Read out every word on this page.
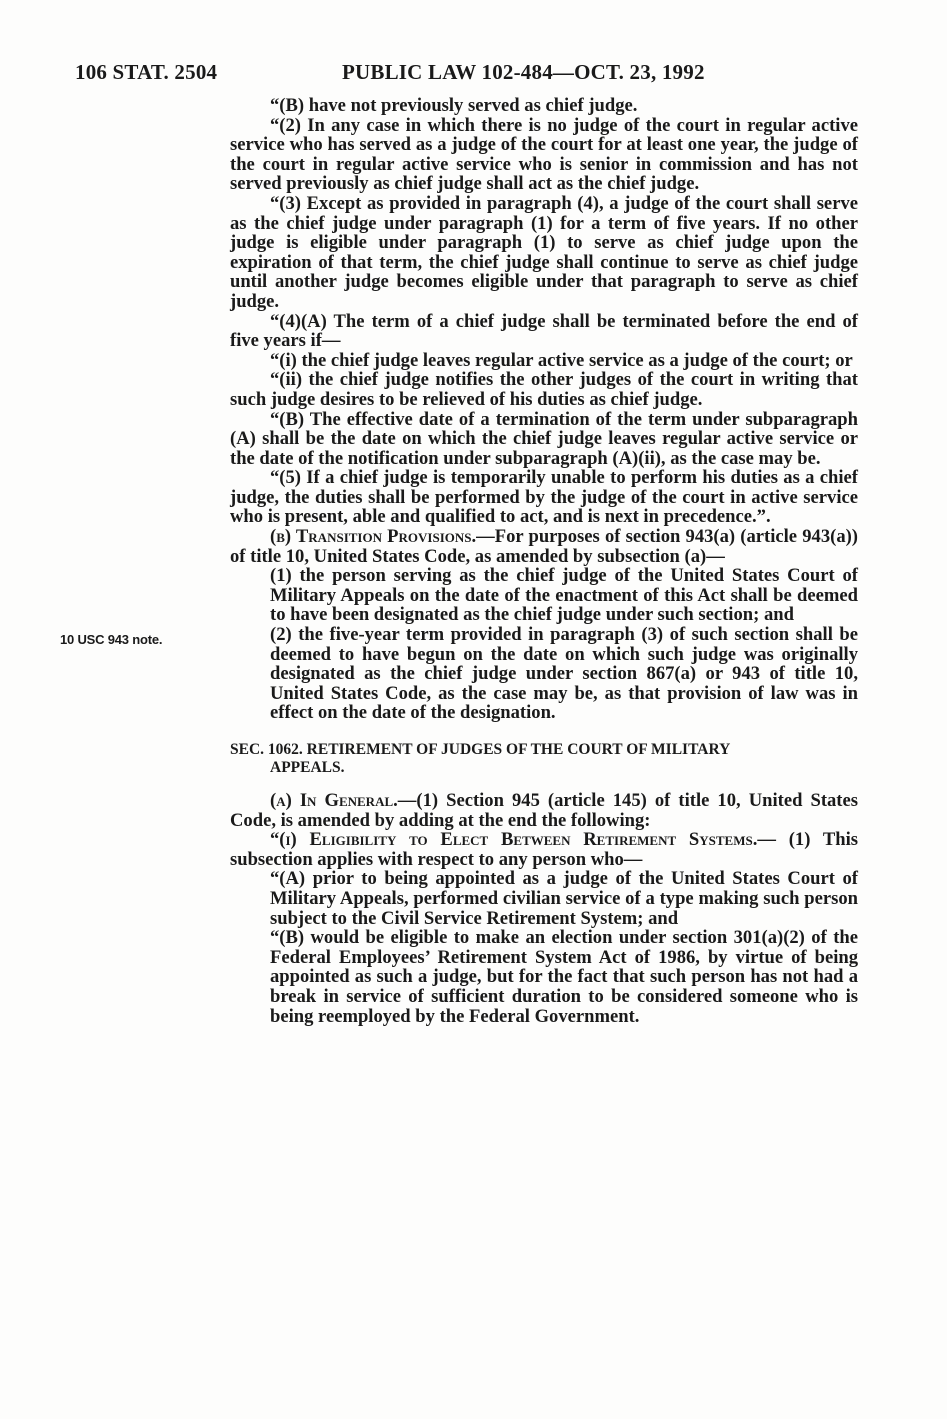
106 STAT. 2504	PUBLIC LAW 102-484—OCT. 23, 1992
10 USC 943 note.

“(B) have not previously served as chief judge.

“(2) In any case in which there is no judge of the court in regular active service who has served as a judge of the court for at least one year, the judge of the court in regular active service who is senior in commission and has not served previously as chief judge shall act as the chief judge.

“(3) Except as provided in paragraph (4), a judge of the court shall serve as the chief judge under paragraph (1) for a term of five years. If no other judge is eligible under paragraph (1) to serve as chief judge upon the expiration of that term, the chief judge shall continue to serve as chief judge until another judge becomes eligible under that paragraph to serve as chief judge.

“(4)(A) The term of a chief judge shall be terminated before the end of five years if—

“(i) the chief judge leaves regular active service as a judge of the court; or

“(ii) the chief judge notifies the other judges of the court in writing that such judge desires to be relieved of his duties as chief judge.

“(B) The effective date of a termination of the term under subparagraph (A) shall be the date on which the chief judge leaves regular active service or the date of the notification under subparagraph (A)(ii), as the case may be.

“(5) If a chief judge is temporarily unable to perform his duties as a chief judge, the duties shall be performed by the judge of the court in active service who is present, able and qualified to act, and is next in precedence.”.

(b) Transition Provisions.—For purposes of section 943(a) (article 943(a)) of title 10, United States Code, as amended by subsection (a)—

(1) the person serving as the chief judge of the United States Court of Military Appeals on the date of the enactment of this Act shall be deemed to have been designated as the chief judge under such section; and

(2) the five-year term provided in paragraph (3) of such section shall be deemed to have begun on the date on which such judge was originally designated as the chief judge under section 867(a) or 943 of title 10, United States Code, as the case may be, as that provision of law was in effect on the date of the designation.

SEC. 1062. RETIREMENT OF JUDGES OF THE COURT OF MILITARY
APPEALS.

(a) In General.—(1) Section 945 (article 145) of title 10, United States Code, is amended by adding at the end the following:

“(i) Eligibility to Elect Between Retirement Systems.— (1) This subsection applies with respect to any person who—

“(A) prior to being appointed as a judge of the United States Court of Military Appeals, performed civilian service of a type making such person subject to the Civil Service Retirement System; and

“(B) would be eligible to make an election under section 301(a)(2) of the Federal Employees’ Retirement System Act of 1986, by virtue of being appointed as such a judge, but for the fact that such person has not had a break in service of sufficient duration to be considered someone who is being reemployed by the Federal Government.
